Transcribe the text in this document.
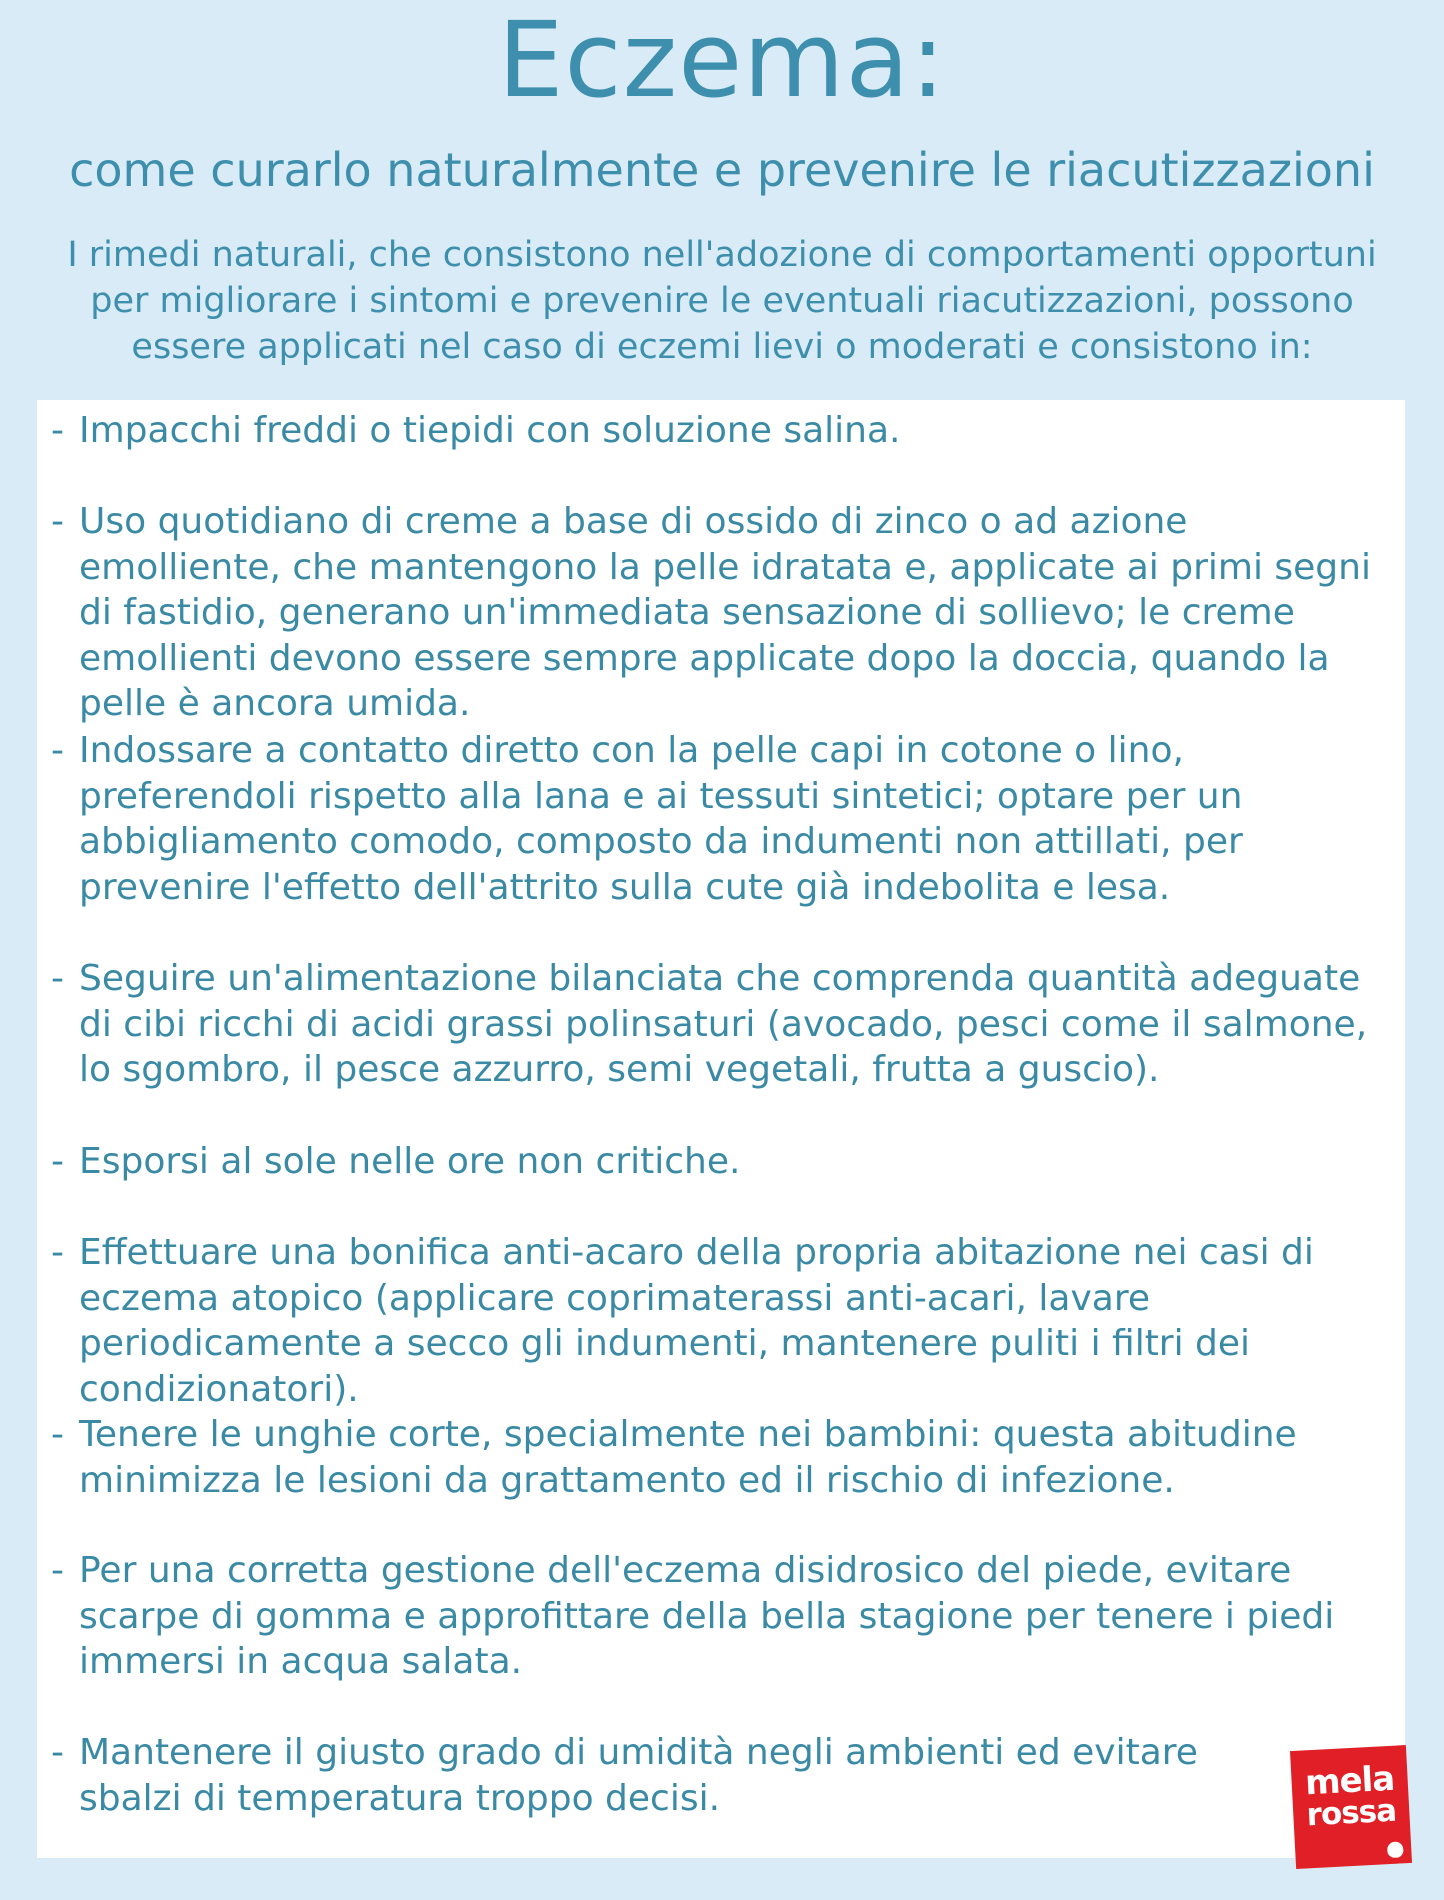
Eczema:
come curarlo naturalmente e prevenire le riacutizzazioni
I rimedi naturali, che consistono nell'adozione di comportamenti opportuni per migliorare i sintomi e prevenire le eventuali riacutizzazioni, possono essere applicati nel caso di eczemi lievi o moderati e consistono in:
- Impacchi freddi o tiepidi con soluzione salina.
- Uso quotidiano di creme a base di ossido di zinco o ad azione emolliente, che mantengono la pelle idratata e, applicate ai primi segni di fastidio, generano un'immediata sensazione di sollievo; le creme emollienti devono essere sempre applicate dopo la doccia, quando la pelle è ancora umida.
- Indossare a contatto diretto con la pelle capi in cotone o lino, preferendoli rispetto alla lana e ai tessuti sintetici; optare per un abbigliamento comodo, composto da indumenti non attillati, per prevenire l'effetto dell'attrito sulla cute già indebolita e lesa.
- Seguire un'alimentazione bilanciata che comprenda quantità adeguate di cibi ricchi di acidi grassi polinsaturi (avocado, pesci come il salmone, lo sgombro, il pesce azzurro, semi vegetali, frutta a guscio).
- Esporsi al sole nelle ore non critiche.
- Effettuare una bonifica anti-acaro della propria abitazione nei casi di eczema atopico (applicare coprimaterassi anti-acari, lavare periodicamente a secco gli indumenti, mantenere puliti i filtri dei condizionatori).
- Tenere le unghie corte, specialmente nei bambini: questa abitudine minimizza le lesioni da grattamento ed il rischio di infezione.
- Per una corretta gestione dell'eczema disidrosico del piede, evitare scarpe di gomma e approfittare della bella stagione per tenere i piedi immersi in acqua salata.
- Mantenere il giusto grado di umidità negli ambienti ed evitare sbalzi di temperatura troppo decisi.	mela
rossa
